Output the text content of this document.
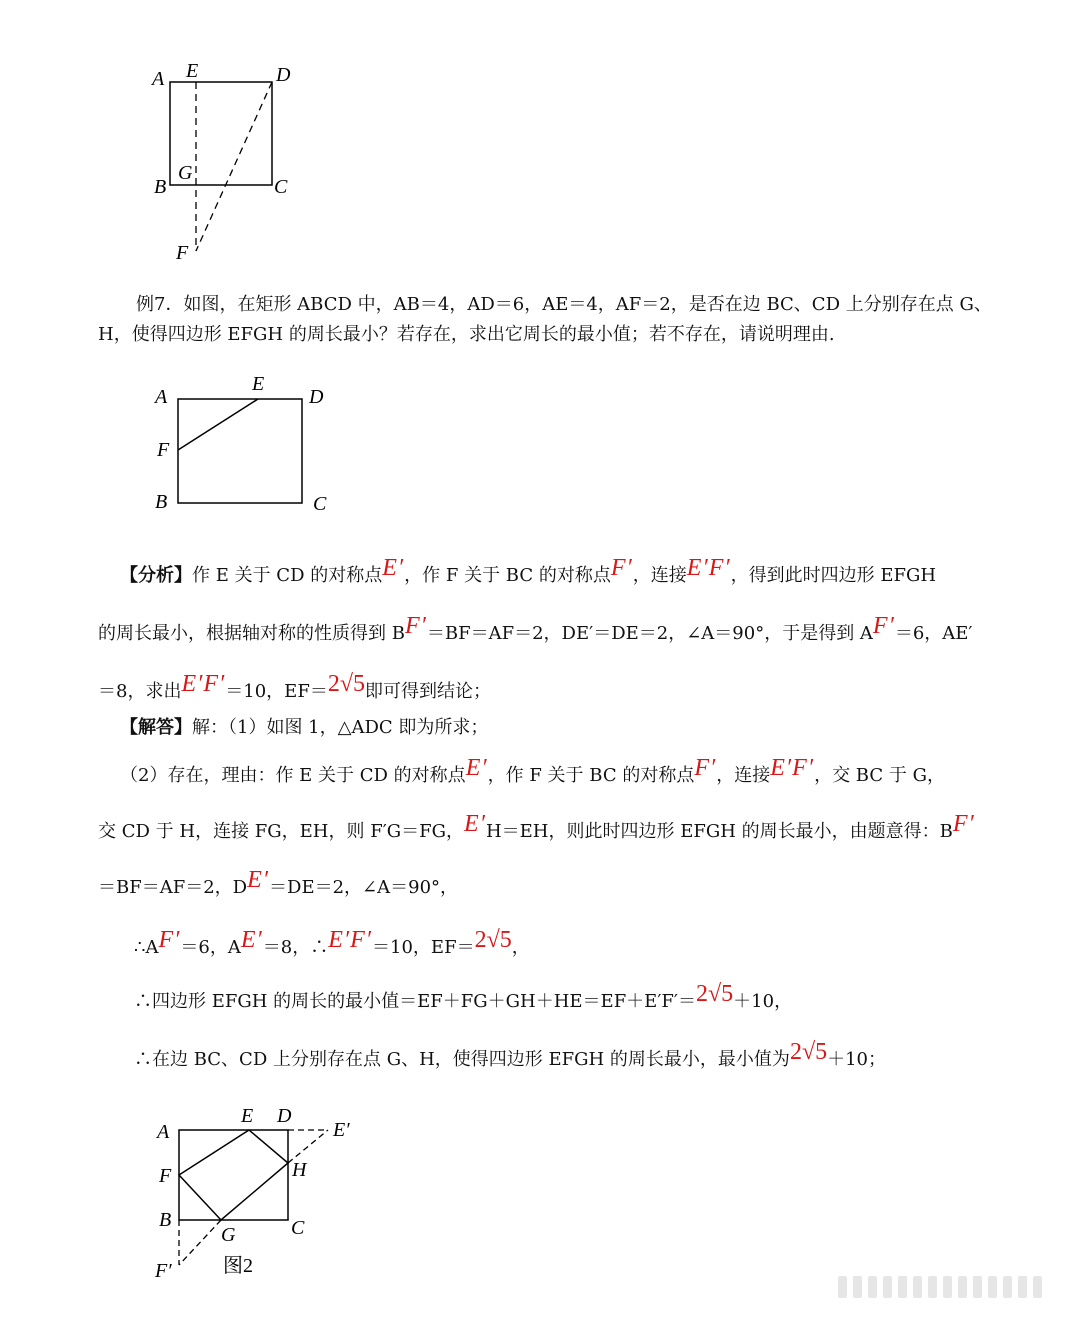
A E	D
B
G
C
F
例7．如图，在矩形 ABCD 中，AB＝4，AD＝6，AE＝4，AF＝2，是否在边 BC、CD 上分别存在点 G、
H，使得四边形 EFGH 的周长最小？若存在，求出它周长的最小值；若不存在，请说明理由.
A
E
D
F
B	C
【分析】作 E 关于 CD 的对称点E′，作 F 关于 BC 的对称点F′，连接E′F′，得到此时四边形 EFGH
的周长最小，根据轴对称的性质得到 BF′＝BF＝AF＝2，DE′＝DE＝2，∠A＝90°，于是得到 AF′＝6，AE′
＝8，求出E′F′＝10，EF＝2√5即可得到结论；
【解答】解：（1）如图 1，△ADC 即为所求；
（2）存在，理由：作 E 关于 CD 的对称点E′，作 F 关于 BC 的对称点F′，连接E′F′，交 BC 于 G，
交 CD 于 H，连接 FG，EH，则 F′G＝FG，E′H＝EH，则此时四边形 EFGH 的周长最小，由题意得：BF′
＝BF＝AF＝2，DE′＝DE＝2，∠A＝90°，
∴AF′＝6，AE′＝8，∴E′F′＝10，EF＝2√5，
∴四边形 EFGH 的周长的最小值＝EF＋FG＋GH＋HE＝EF＋E′F′＝2√5＋10，
∴在边 BC、CD 上分别存在点 G、H，使得四边形 EFGH 的周长最小，最小值为2√5＋10；
A
E D
E′
F	H
B
G	C
F′	图2
